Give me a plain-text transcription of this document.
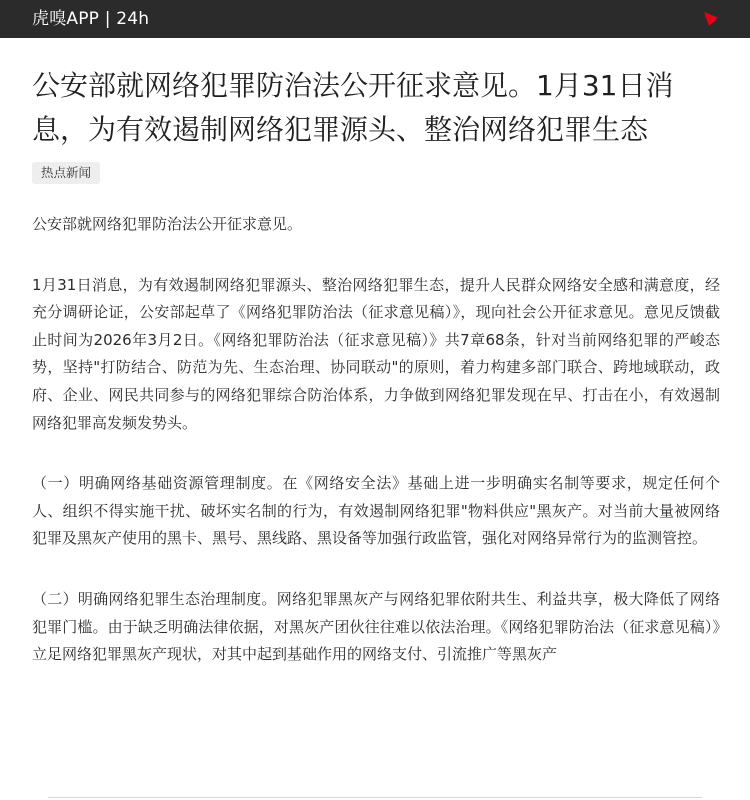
虎嗅APP | 24h
公安部就网络犯罪防治法公开征求意见。1月31日消息，为有效遏制网络犯罪源头、整治网络犯罪生态
热点新闻

公安部就网络犯罪防治法公开征求意见。

1月31日消息，为有效遏制网络犯罪源头、整治网络犯罪生态，提升人民群众网络安全感和满意度，经充分调研论证，公安部起草了《网络犯罪防治法（征求意见稿）》，现向社会公开征求意见。意见反馈截止时间为2026年3月2日。《网络犯罪防治法（征求意见稿）》共7章68条，针对当前网络犯罪的严峻态势，坚持"打防结合、防范为先、生态治理、协同联动"的原则，着力构建多部门联合、跨地域联动，政府、企业、网民共同参与的网络犯罪综合防治体系，力争做到网络犯罪发现在早、打击在小，有效遏制网络犯罪高发频发势头。

（一）明确网络基础资源管理制度。在《网络安全法》基础上进一步明确实名制等要求，规定任何个人、组织不得实施干扰、破坏实名制的行为，有效遏制网络犯罪"物料供应"黑灰产。对当前大量被网络犯罪及黑灰产使用的黑卡、黑号、黑线路、黑设备等加强行政监管，强化对网络异常行为的监测管控。

（二）明确网络犯罪生态治理制度。网络犯罪黑灰产与网络犯罪依附共生、利益共享，极大降低了网络犯罪门槛。由于缺乏明确法律依据，对黑灰产团伙往往难以依法治理。《网络犯罪防治法（征求意见稿）》立足网络犯罪黑灰产现状，对其中起到基础作用的网络支付、引流推广等黑灰产
